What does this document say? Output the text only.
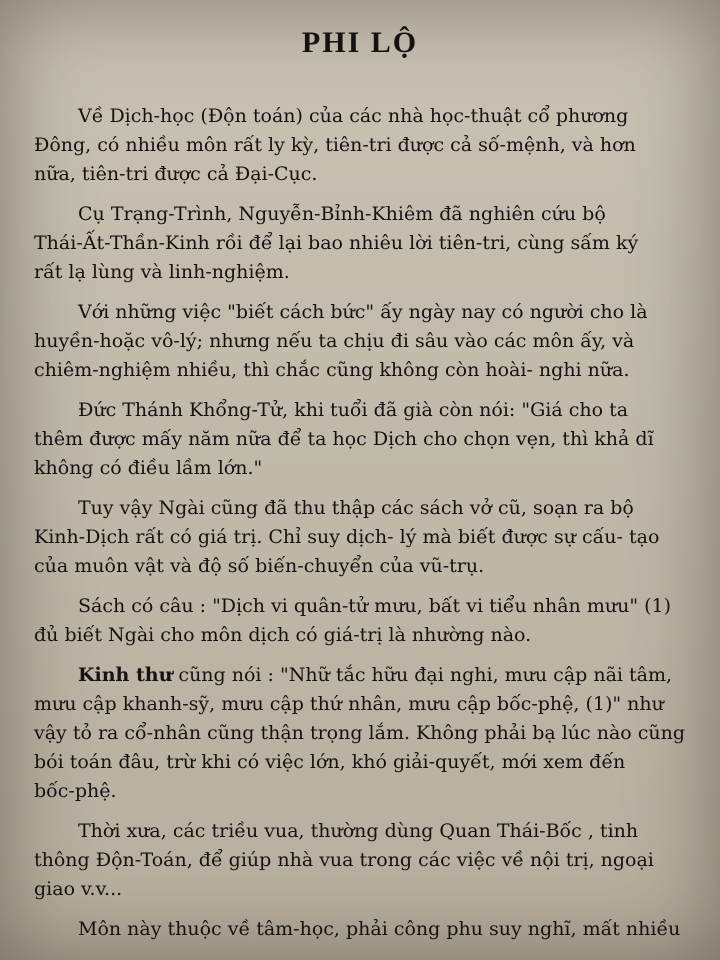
PHI LỘ

Về Dịch-học (Độn toán) của các nhà học-thuật cổ phương
Đông, có nhiều môn rất ly kỳ, tiên-tri được cả số-mệnh, và hơn
nữa, tiên-tri được cả Đại-Cục.

Cụ Trạng-Trình, Nguyễn-Bỉnh-Khiêm đã nghiên cứu bộ
Thái-Ất-Thần-Kinh rồi để lại bao nhiêu lời tiên-tri, cùng sấm ký
rất lạ lùng và linh-nghiệm.

Với những việc "biết cách bức" ấy ngày nay có người cho là
huyền-hoặc vô-lý; nhưng nếu ta chịu đi sâu vào các môn ấy, và
chiêm-nghiệm nhiều, thì chắc cũng không còn hoài- nghi nữa.

Đức Thánh Khổng-Tử, khi tuổi đã già còn nói: "Giá cho ta
thêm được mấy năm nữa để ta học Dịch cho chọn vẹn, thì khả dĩ
không có điều lầm lớn."

Tuy vậy Ngài cũng đã thu thập các sách vở cũ, soạn ra bộ
Kinh-Dịch rất có giá trị. Chỉ suy dịch- lý mà biết được sự cấu- tạo
của muôn vật và độ số biến-chuyển của vũ-trụ.

Sách có câu : "Dịch vi quân-tử mưu, bất vi tiểu nhân mưu" (1)
đủ biết Ngài cho môn dịch có giá-trị là nhường nào.

Kinh thư cũng nói : "Nhữ tắc hữu đại nghi, mưu cập nãi tâm,
mưu cập khanh-sỹ, mưu cập thứ nhân, mưu cập bốc-phệ, (1)" như
vậy tỏ ra cổ-nhân cũng thận trọng lắm. Không phải bạ lúc nào cũng
bói toán đâu, trừ khi có việc lớn, khó giải-quyết, mới xem đến
bốc-phệ.

Thời xưa, các triều vua, thường dùng Quan Thái-Bốc , tinh
thông Độn-Toán, để giúp nhà vua trong các việc về nội trị, ngoại
giao v.v...

Môn này thuộc về tâm-học, phải công phu suy nghĩ, mất nhiều
